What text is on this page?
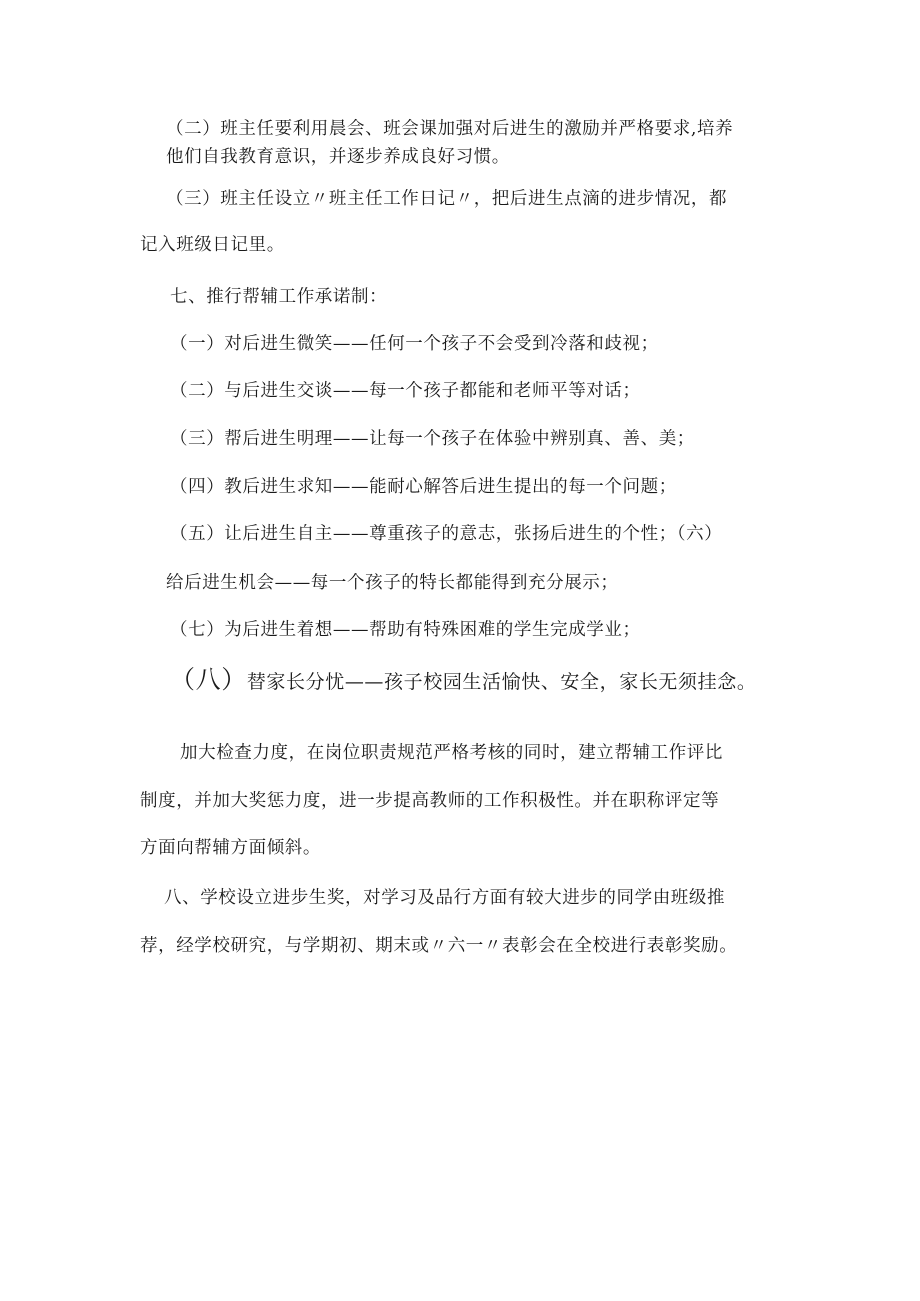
（二）班主任要利用晨会、班会课加强对后进生的激励并严格要求,培养
他们自我教育意识，并逐步养成良好习惯。
（三）班主任设立〃班主任工作日记〃，把后进生点滴的进步情况，都
记入班级日记里。
七、推行帮辅工作承诺制：
（一）对后进生微笑——任何一个孩子不会受到冷落和歧视；
（二）与后进生交谈——每一个孩子都能和老师平等对话；
（三）帮后进生明理——让每一个孩子在体验中辨别真、善、美；
（四）教后进生求知——能耐心解答后进生提出的每一个问题；
（五）让后进生自主——尊重孩子的意志，张扬后进生的个性；（六）
给后进生机会——每一个孩子的特长都能得到充分展示；
（七）为后进生着想——帮助有特殊困难的学生完成学业；
（八）替家长分忧——孩子校园生活愉快、安全，家长无须挂念。
加大检查力度，在岗位职责规范严格考核的同时，建立帮辅工作评比
制度，并加大奖惩力度，进一步提高教师的工作积极性。并在职称评定等
方面向帮辅方面倾斜。
八、学校设立进步生奖，对学习及品行方面有较大进步的同学由班级推
荐，经学校研究，与学期初、期末或〃六一〃表彰会在全校进行表彰奖励。
